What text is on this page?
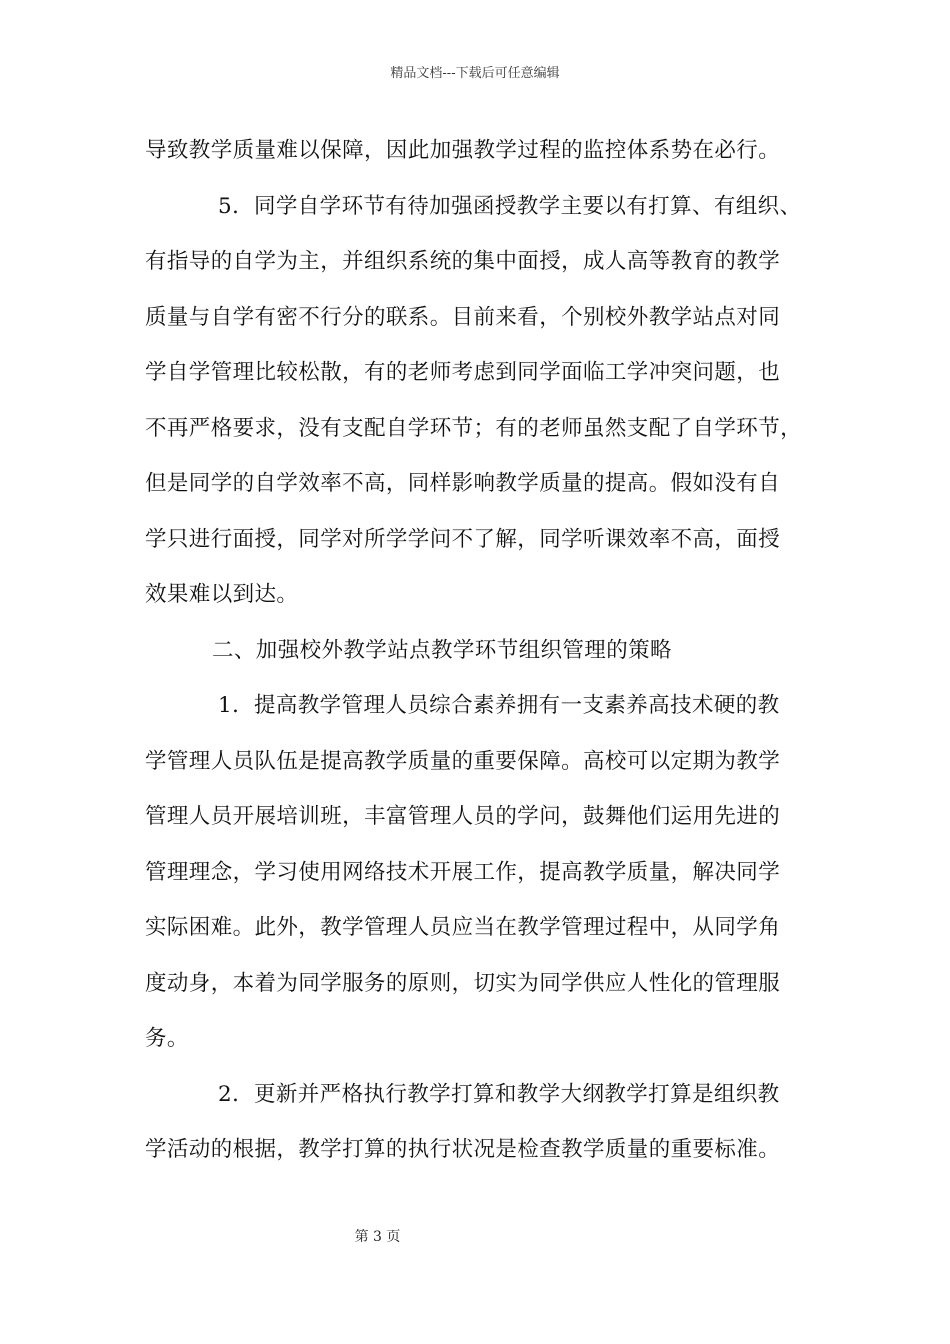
精品文档---下载后可任意编辑
导致教学质量难以保障，因此加强教学过程的监控体系势在必行。
5．同学自学环节有待加强函授教学主要以有打算、有组织、
有指导的自学为主，并组织系统的集中面授，成人高等教育的教学
质量与自学有密不行分的联系。目前来看，个别校外教学站点对同
学自学管理比较松散，有的老师考虑到同学面临工学冲突问题，也
不再严格要求，没有支配自学环节；有的老师虽然支配了自学环节，
但是同学的自学效率不高，同样影响教学质量的提高。假如没有自
学只进行面授，同学对所学学问不了解，同学听课效率不高，面授
效果难以到达。
二、加强校外教学站点教学环节组织管理的策略
1．提高教学管理人员综合素养拥有一支素养高技术硬的教
学管理人员队伍是提高教学质量的重要保障。高校可以定期为教学
管理人员开展培训班，丰富管理人员的学问，鼓舞他们运用先进的
管理理念，学习使用网络技术开展工作，提高教学质量，解决同学
实际困难。此外，教学管理人员应当在教学管理过程中，从同学角
度动身，本着为同学服务的原则，切实为同学供应人性化的管理服
务。
2．更新并严格执行教学打算和教学大纲教学打算是组织教
学活动的根据，教学打算的执行状况是检查教学质量的重要标准。
第 3 页
